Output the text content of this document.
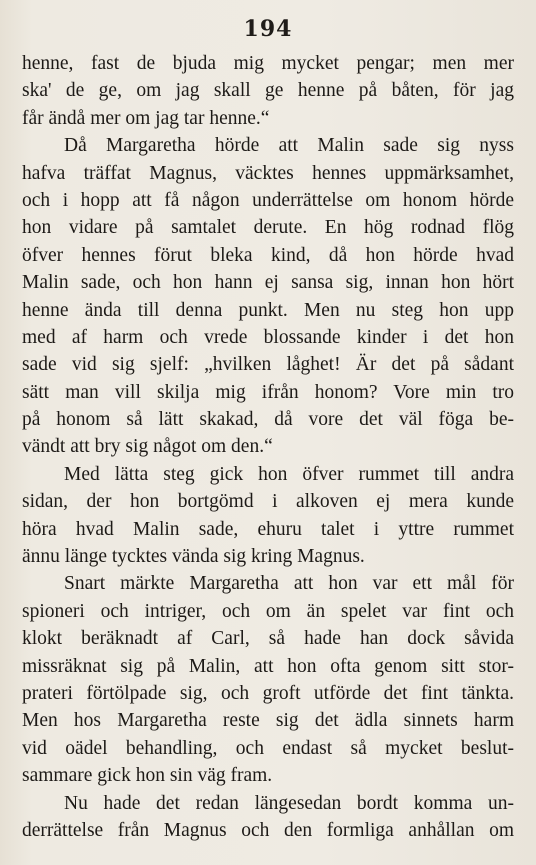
194
henne, fast de bjuda mig mycket pengar; men mer
ska' de ge, om jag skall ge henne på båten, för jag
får ändå mer om jag tar henne.“
Då Margaretha hörde att Malin sade sig nyss
hafva träffat Magnus, väcktes hennes uppmärksamhet,
och i hopp att få någon underrättelse om honom hörde
hon vidare på samtalet derute. En hög rodnad flög
öfver hennes förut bleka kind, då hon hörde hvad
Malin sade, och hon hann ej sansa sig, innan hon hört
henne ända till denna punkt. Men nu steg hon upp
med af harm och vrede blossande kinder i det hon
sade vid sig sjelf: „hvilken låghet! Är det på sådant
sätt man vill skilja mig ifrån honom? Vore min tro
på honom så lätt skakad, då vore det väl föga be-
vändt att bry sig något om den.“
Med lätta steg gick hon öfver rummet till andra
sidan, der hon bortgömd i alkoven ej mera kunde
höra hvad Malin sade, ehuru talet i yttre rummet
ännu länge tycktes vända sig kring Magnus.
Snart märkte Margaretha att hon var ett mål för
spioneri och intriger, och om än spelet var fint och
klokt beräknadt af Carl, så hade han dock såvida
missräknat sig på Malin, att hon ofta genom sitt stor-
prateri förtölpade sig, och groft utförde det fint tänkta.
Men hos Margaretha reste sig det ädla sinnets harm
vid oädel behandling, och endast så mycket beslut-
sammare gick hon sin väg fram.
Nu hade det redan längesedan bordt komma un-
derrättelse från Magnus och den formliga anhållan om
